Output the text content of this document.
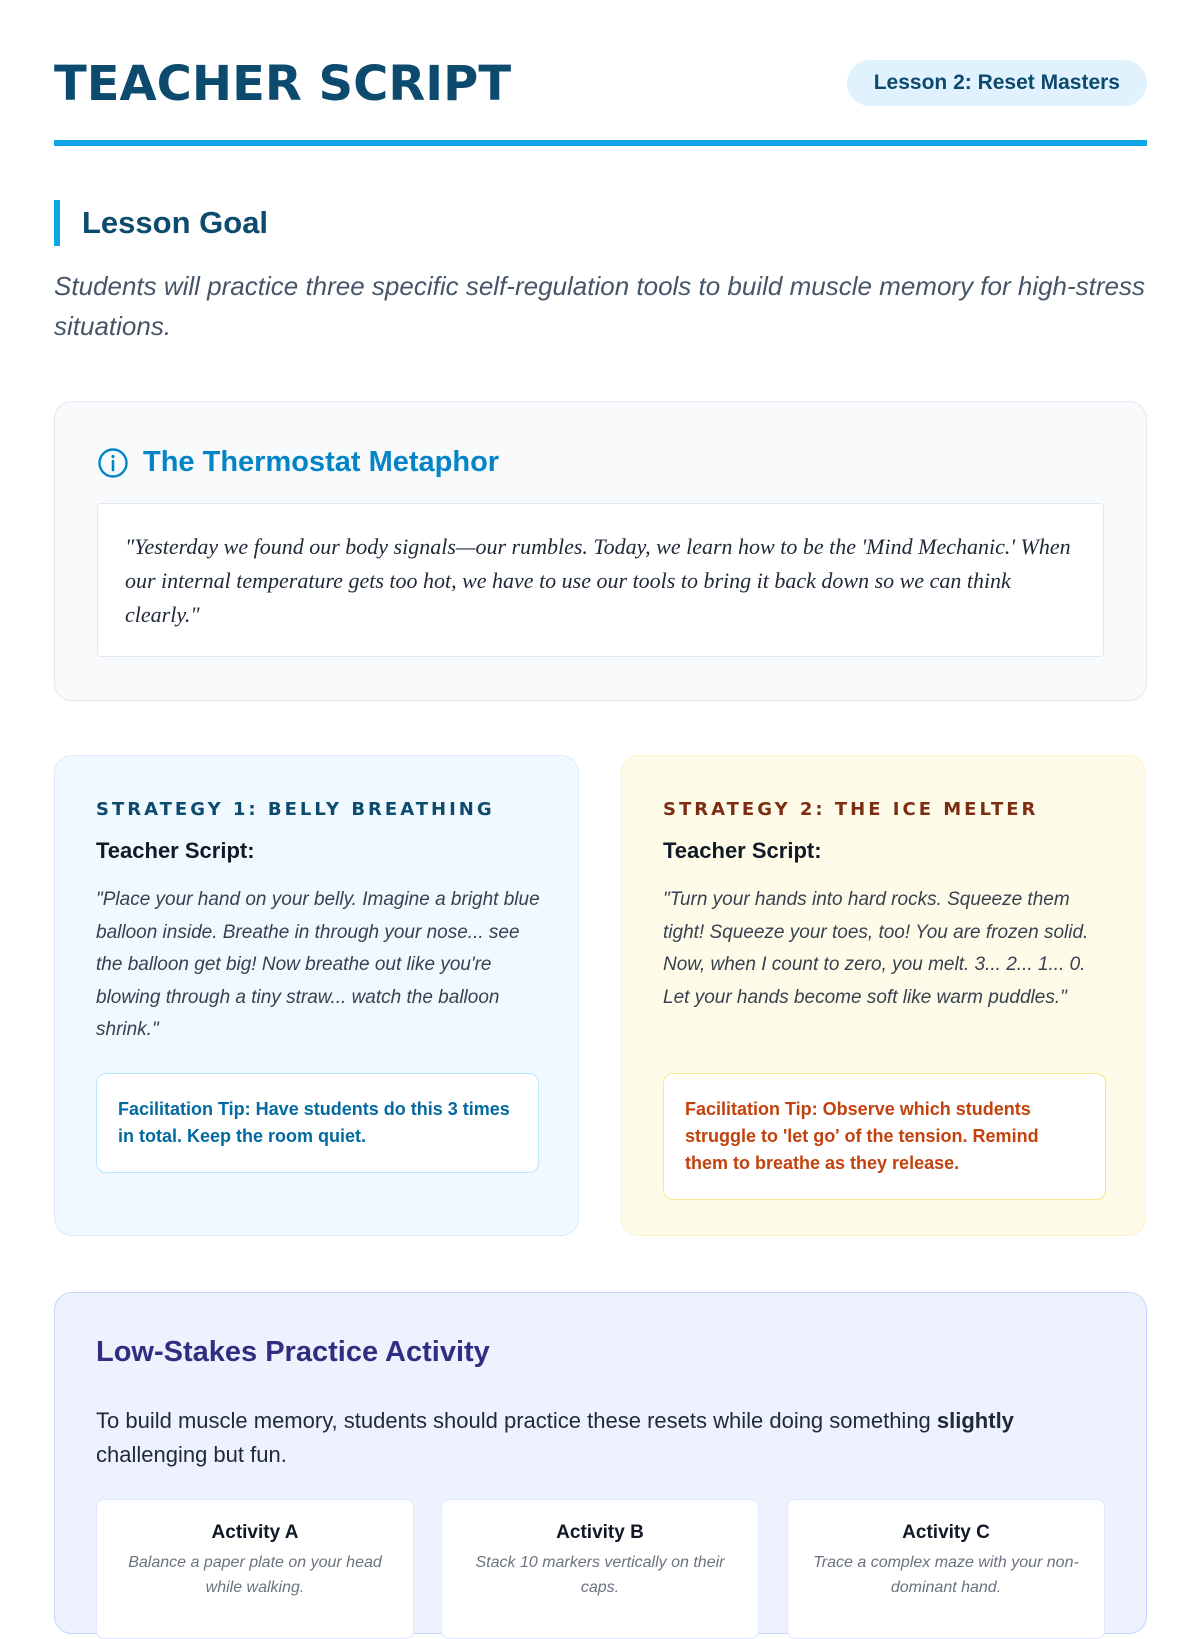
TEACHER SCRIPT	Lesson 2: Reset Masters
Lesson Goal
Students will practice three specific self-regulation tools to build muscle memory for high-stress situations.
The Thermostat Metaphor
"Yesterday we found our body signals—our rumbles. Today, we learn how to be the 'Mind Mechanic.' When our internal temperature gets too hot, we have to use our tools to bring it back down so we can think clearly."
STRATEGY 1: BELLY BREATHING
Teacher Script:
"Place your hand on your belly. Imagine a bright blue balloon inside. Breathe in through your nose... see the balloon get big! Now breathe out like you're blowing through a tiny straw... watch the balloon shrink."
Facilitation Tip: Have students do this 3 times in total. Keep the room quiet.
STRATEGY 2: THE ICE MELTER
Teacher Script:
"Turn your hands into hard rocks. Squeeze them tight! Squeeze your toes, too! You are frozen solid. Now, when I count to zero, you melt. 3... 2... 1... 0. Let your hands become soft like warm puddles."
Facilitation Tip: Observe which students struggle to 'let go' of the tension. Remind them to breathe as they release.
Low-Stakes Practice Activity
To build muscle memory, students should practice these resets while doing something slightly challenging but fun.
Activity A
Balance a paper plate on your head while walking.
Activity B
Stack 10 markers vertically on their caps.
Activity C
Trace a complex maze with your non-dominant hand.
